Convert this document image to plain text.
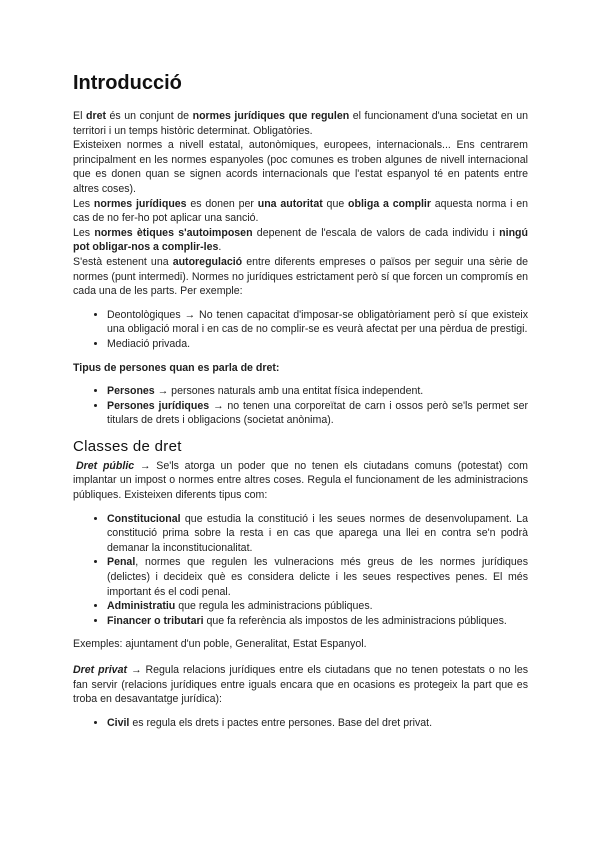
Introducció

El dret és un conjunt de normes jurídiques que regulen el funcionament d'una societat en un territori i un temps històric determinat. Obligatòries.

Existeixen normes a nivell estatal, autonòmiques, europees, internacionals... Ens centrarem principalment en les normes espanyoles (poc comunes es troben algunes de nivell internacional que es donen quan se signen acords internacionals que l'estat espanyol té en patents entre altres coses).

Les normes jurídiques es donen per una autoritat que obliga a complir aquesta norma i en cas de no fer-ho pot aplicar una sanció.

Les normes ètiques s'autoimposen depenent de l'escala de valors de cada individu i ningú pot obligar-nos a complir-les.

S'està estenent una autoregulació entre diferents empreses o països per seguir una sèrie de normes (punt intermedi). Normes no jurídiques estrictament però sí que forcen un compromís en cada una de les parts. Per exemple:

• Deontològiques → No tenen capacitat d'imposar-se obligatòriament però sí que existeix una obligació moral i en cas de no complir-se es veurà afectat per una pèrdua de prestigi.
• Mediació privada.

Tipus de persones quan es parla de dret:

• Persones → persones naturals amb una entitat física independent.
• Persones jurídiques → no tenen una corporeïtat de carn i ossos però se'ls permet ser titulars de drets i obligacions (societat anònima).
Classes de dret

Dret públic → Se'ls atorga un poder que no tenen els ciutadans comuns (potestat) com implantar un impost o normes entre altres coses. Regula el funcionament de les administracions públiques. Existeixen diferents tipus com:

• Constitucional que estudia la constitució i les seues normes de desenvolupament. La constitució prima sobre la resta i en cas que aparega una llei en contra se'n podrà demanar la inconstitucionalitat.
• Penal, normes que regulen les vulneracions més greus de les normes jurídiques (delictes) i decideix què es considera delicte i les seues respectives penes. El més important és el codi penal.
• Administratiu que regula les administracions públiques.
• Financer o tributari que fa referència als impostos de les administracions públiques.

Exemples: ajuntament d'un poble, Generalitat, Estat Espanyol.

Dret privat → Regula relacions jurídiques entre els ciutadans que no tenen potestats o no les fan servir (relacions jurídiques entre iguals encara que en ocasions es protegeix la part que es troba en desavantatge jurídica):

• Civil es regula els drets i pactes entre persones. Base del dret privat.
